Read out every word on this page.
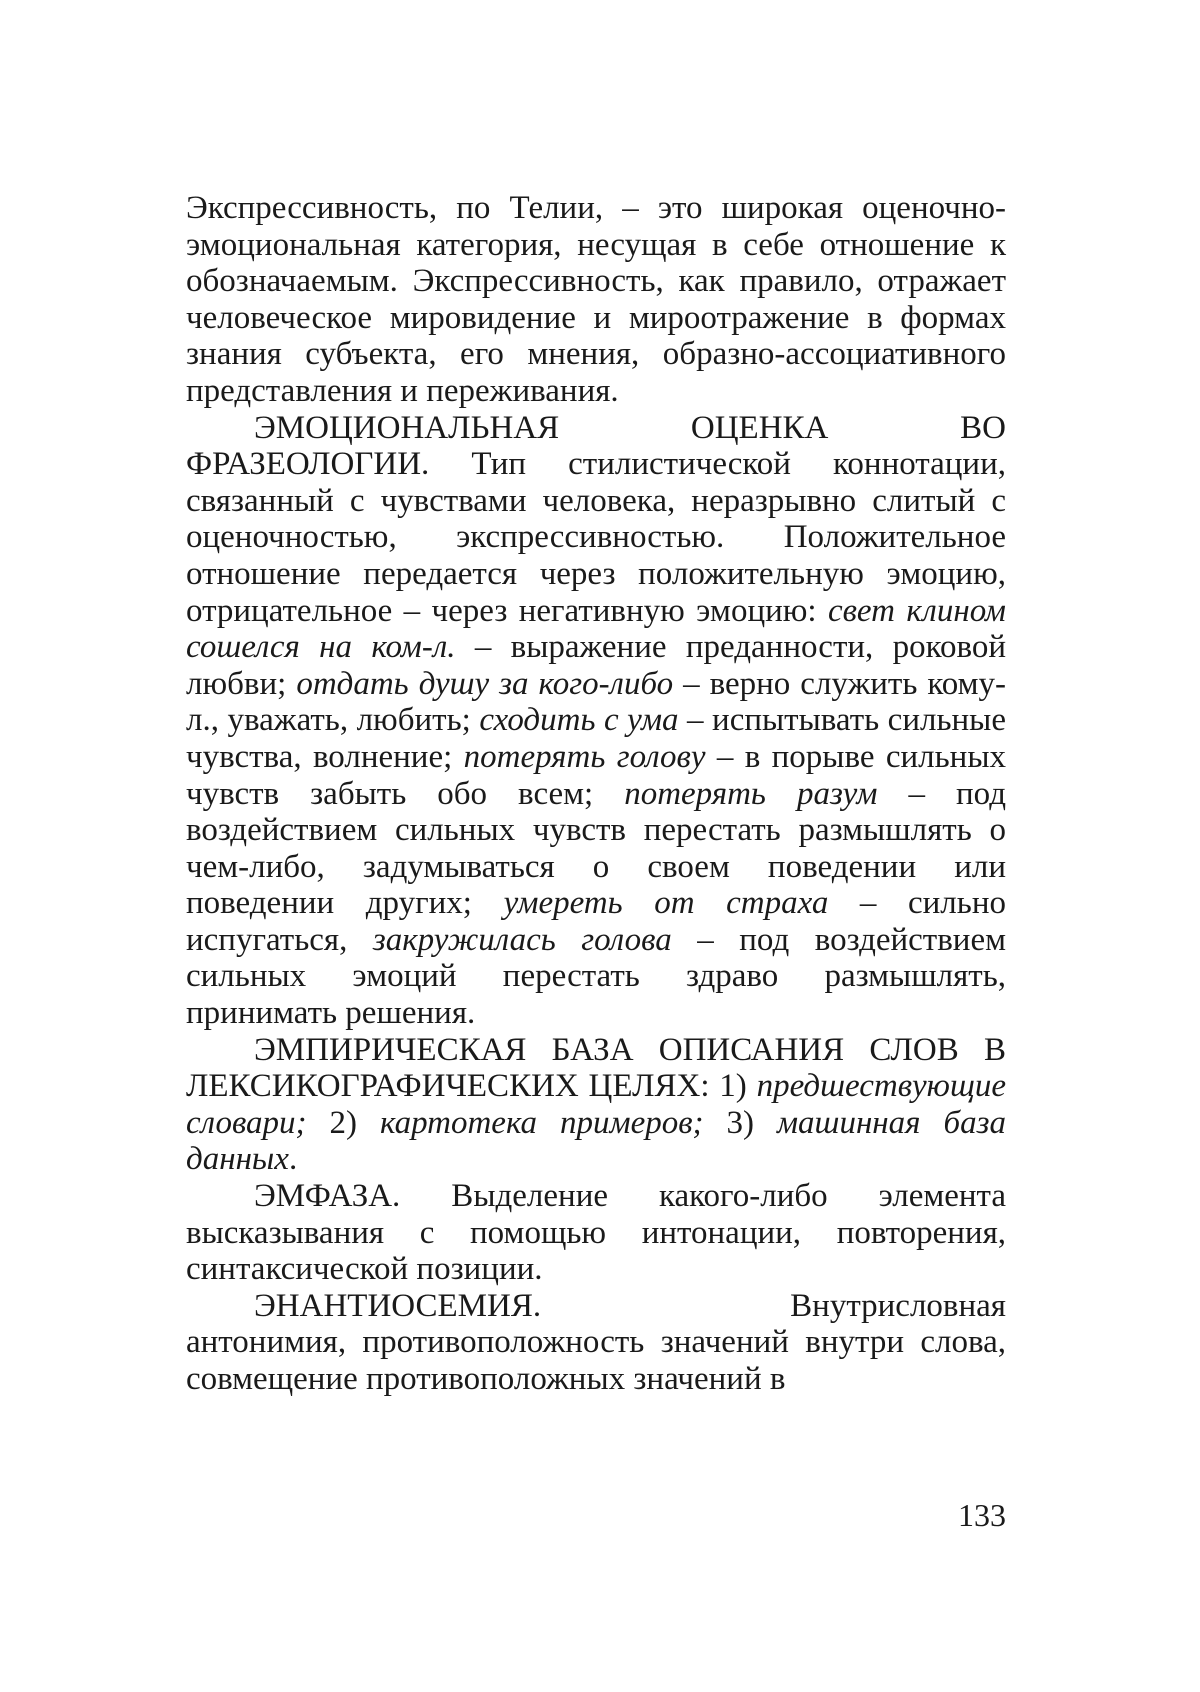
Экспрессивность, по Телии, – это широкая оценочно-эмоциональная категория, несущая в себе отношение к обозначаемым. Экспрессивность, как правило, отражает человеческое мировидение и мироотражение в формах знания субъекта, его мнения, образно-ассоциативного представления и переживания.

ЭМОЦИОНАЛЬНАЯ ОЦЕНКА ВО
ФРАЗЕОЛОГИИ. Тип стилистической коннотации, связанный с чувствами человека, неразрывно слитый с оценочностью, экспрессивностью. Положительное отношение передается через положительную эмоцию, отрицательное – через негативную эмоцию: свет клином сошелся на ком-л. – выражение преданности, роковой любви; отдать душу за кого-либо – верно служить кому-л., уважать, любить; сходить с ума – испытывать сильные чувства, волнение; потерять голову – в порыве сильных чувств забыть обо всем; потерять разум – под воздействием сильных чувств перестать размышлять о чем-либо, задумываться о своем поведении или поведении других; умереть от страха – сильно испугаться, закружилась голова – под воздействием сильных эмоций перестать здраво размышлять, принимать решения.

ЭМПИРИЧЕСКАЯ БАЗА ОПИСАНИЯ СЛОВ В ЛЕКСИКОГРАФИЧЕСКИХ ЦЕЛЯХ: 1) предшествующие словари; 2) картотека примеров; 3) машинная база данных.

ЭМФАЗА. Выделение какого-либо элемента высказывания с помощью интонации, повторения, синтаксической позиции.

ЭНАНТИОСЕМИЯ. Внутрисловная
антонимия, противоположность значений внутри слова, совмещение противоположных значений в

133
